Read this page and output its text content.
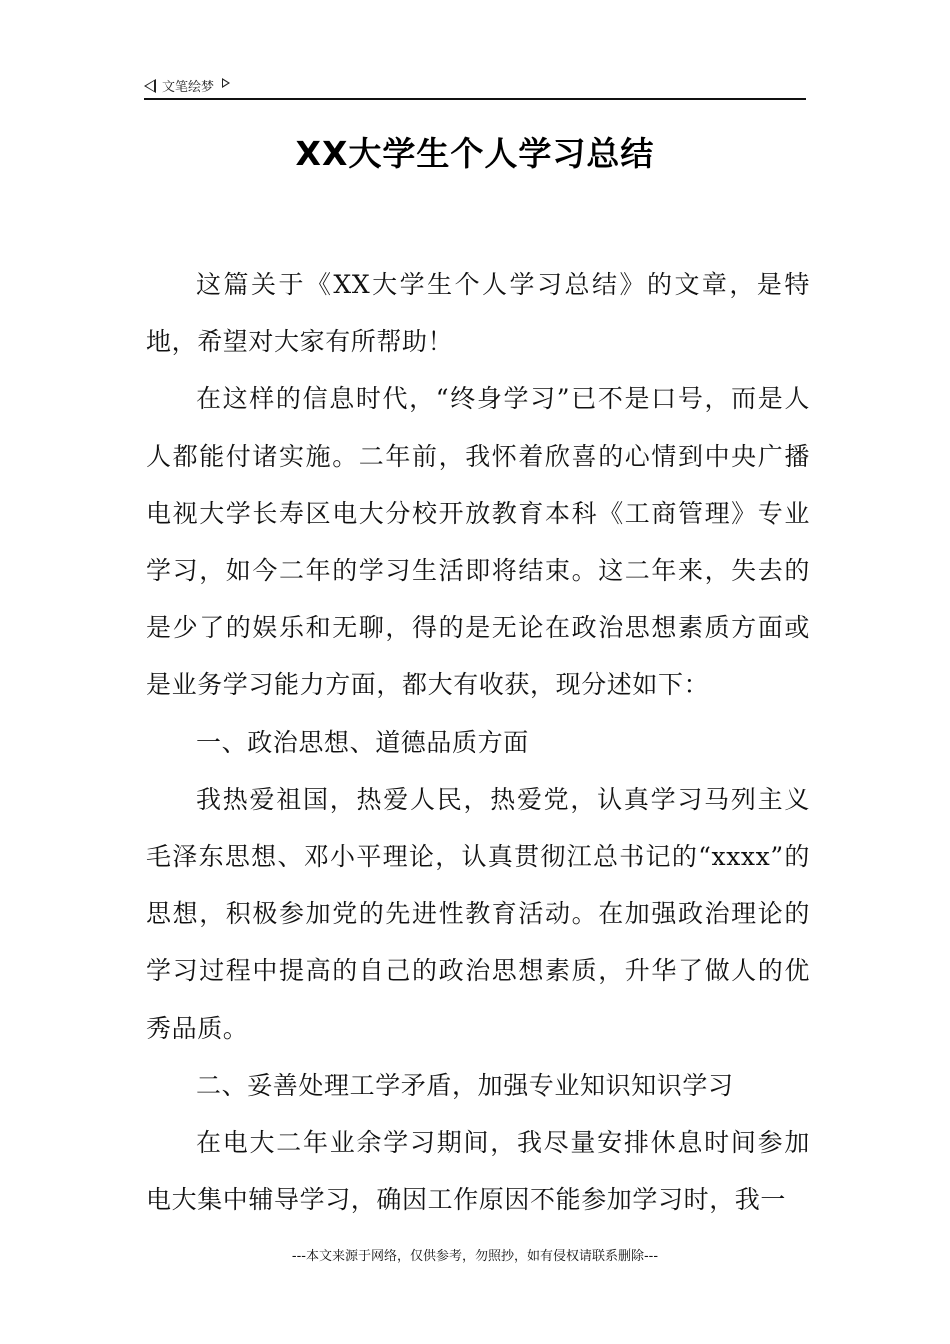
文笔绘梦
XX大学生个人学习总结

这篇关于《XX大学生个人学习总结》的文章，是特地，希望对大家有所帮助！

在这样的信息时代，“终身学习”已不是口号，而是人人都能付诸实施。二年前，我怀着欣喜的心情到中央广播电视大学长寿区电大分校开放教育本科《工商管理》专业学习，如今二年的学习生活即将结束。这二年来，失去的是少了的娱乐和无聊，得的是无论在政治思想素质方面或是业务学习能力方面，都大有收获，现分述如下：

一、政治思想、道德品质方面

我热爱祖国，热爱人民，热爱党，认真学习马列主义毛泽东思想、邓小平理论，认真贯彻江总书记的“xxxx”的思想，积极参加党的先进性教育活动。在加强政治理论的学习过程中提高的自己的政治思想素质，升华了做人的优秀品质。

二、妥善处理工学矛盾，加强专业知识知识学习

在电大二年业余学习期间，我尽量安排休息时间参加电大集中辅导学习，确因工作原因不能参加学习时，我一

---本文来源于网络，仅供参考，勿照抄，如有侵权请联系删除---
